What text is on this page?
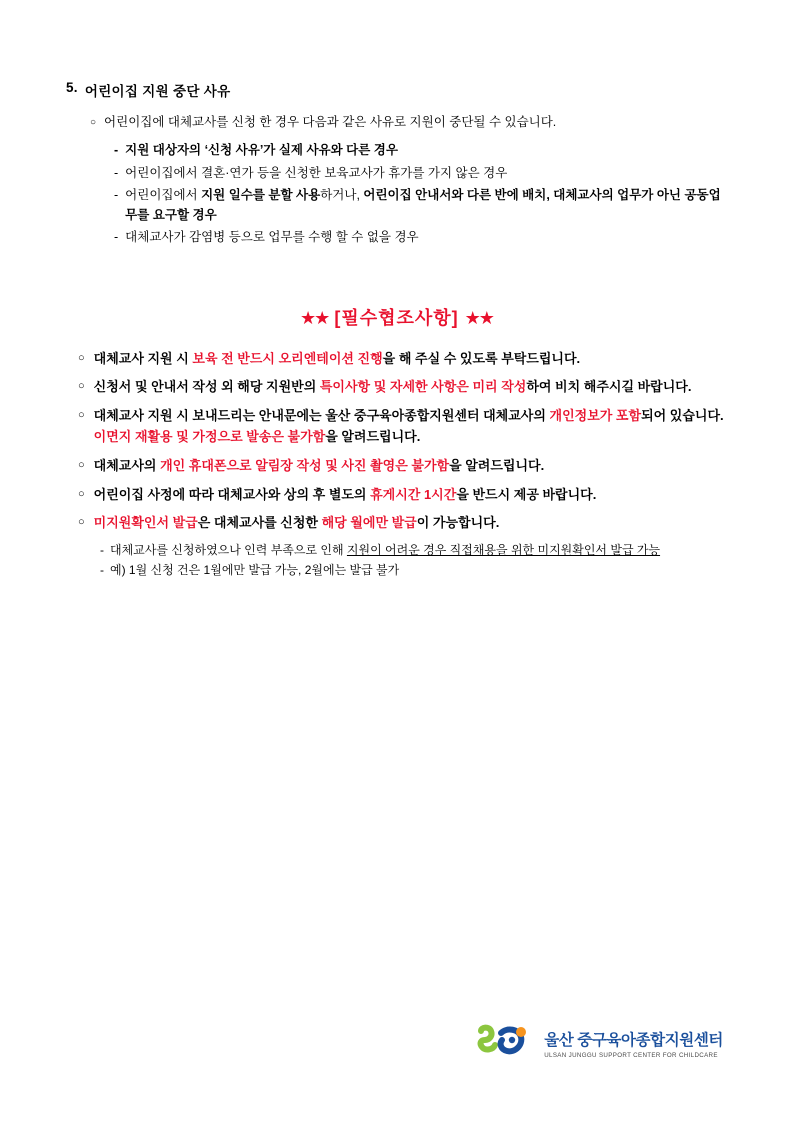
5. 어린이집 지원 중단 사유
○ 어린이집에 대체교사를 신청 한 경우 다음과 같은 사유로 지원이 중단될 수 있습니다.
- 지원 대상자의 ‘신청 사유’가 실제 사유와 다른 경우
- 어린이집에서 결혼·연가 등을 신청한 보육교사가 휴가를 가지 않은 경우
- 어린이집에서 지원 일수를 분할 사용하거나, 어린이집 안내서와 다른 반에 배치, 대체교사의 업무가 아닌 공동업무를 요구할 경우
- 대체교사가 감염병 등으로 업무를 수행 할 수 없을 경우
★★ [필수협조사항] ★★
○ 대체교사 지원 시 보육 전 반드시 오리엔테이션 진행을 해 주실 수 있도록 부탁드립니다.
○ 신청서 및 안내서 작성 외 해당 지원반의 특이사항 및 자세한 사항은 미리 작성하여 비치 해주시길 바랍니다.
○ 대체교사 지원 시 보내드리는 안내문에는 울산 중구육아종합지원센터 대체교사의 개인정보가 포함되어 있습니다. 이면지 재활용 및 가정으로 발송은 불가함을 알려드립니다.
○ 대체교사의 개인 휴대폰으로 알림장 작성 및 사진 촬영은 불가함을 알려드립니다.
○ 어린이집 사정에 따라 대체교사와 상의 후 별도의 휴게시간 1시간을 반드시 제공 바랍니다.
○ 미지원확인서 발급은 대체교사를 신청한 해당 월에만 발급이 가능합니다.
- 대체교사를 신청하였으나 인력 부족으로 인해 지원이 어려운 경우 직접채용을 위한 미지원확인서 발급 가능
- 예) 1월 신청 건은 1월에만 발급 가능, 2월에는 발급 불가
울산 중구육아종합지원센터
ULSAN JUNGGU SUPPORT CENTER FOR CHILDCARE
